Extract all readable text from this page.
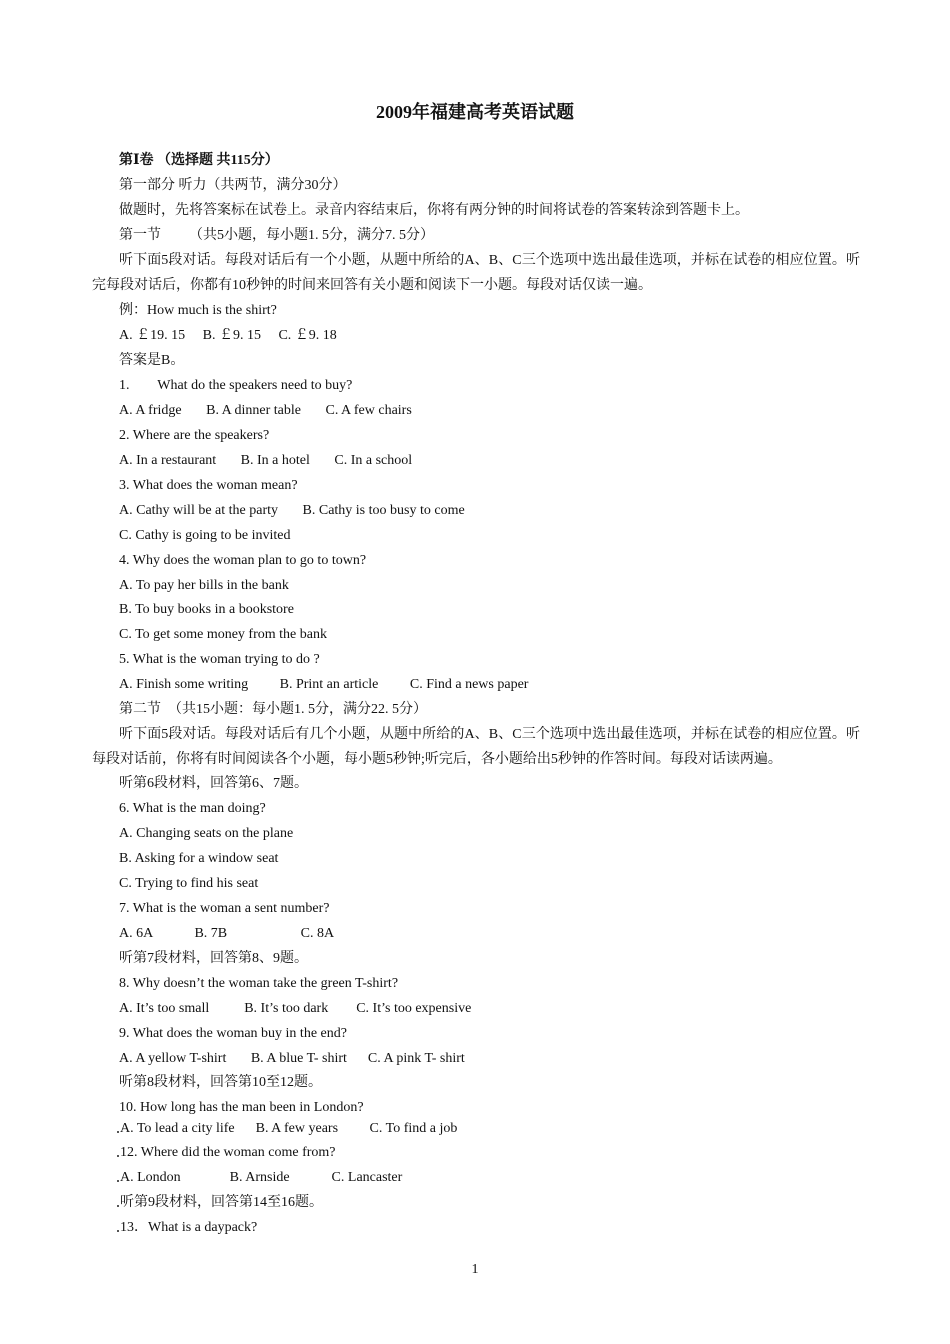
2009年福建高考英语试题
第Ⅰ卷 （选择题 共115分）
第一部分 听力（共两节，满分30分）
做题时，先将答案标在试卷上。录音内容结束后，你将有两分钟的时间将试卷的答案转涂到答题卡上。
第一节        （共5小题，每小题1. 5分，满分7. 5分）
听下面5段对话。每段对话后有一个小题，从题中所给的A、B、C三个选项中选出最佳选项，并标在试卷的相应位置。听完每段对话后，你都有10秒钟的时间来回答有关小题和阅读下一小题。每段对话仅读一遍。
例：How much is the shirt?
A. ￡19. 15     B. ￡9. 15     C. ￡9. 18
答案是B。
1.        What do the speakers need to buy?
A. A fridge       B. A dinner table       C. A few chairs
2. Where are the speakers?
A. In a restaurant       B. In a hotel       C. In a school
3. What does the woman mean?
A. Cathy will be at the party       B. Cathy is too busy to come
C. Cathy is going to be invited
4. Why does the woman plan to go to town?
A. To pay her bills in the bank
B. To buy books in a bookstore
C. To get some money from the bank
5. What is the woman trying to do ?
A. Finish some writing         B. Print an article         C. Find a news paper
第二节  （共15小题：每小题1. 5分，满分22. 5分）
听下面5段对话。每段对话后有几个小题，从题中所给的A、B、C三个选项中选出最佳选项，并标在试卷的相应位置。听每段对话前，你将有时间阅读各个小题，每小题5秒钟;听完后，各小题给出5秒钟的作答时间。每段对话读两遍。
听第6段材料，回答第6、7题。
6. What is the man doing?
A. Changing seats on the plane
B. Asking for a window seat
C. Trying to find his seat
7. What is the woman a sent number?
A. 6A            B. 7B                     C. 8A
听第7段材料，回答第8、9题。
8. Why doesn’t the woman take the green T-shirt?
A. It’s too small          B. It’s too dark        C. It’s too expensive
9. What does the woman buy in the end?
A. A yellow T-shirt       B. A blue T- shirt      C. A pink T- shirt
听第8段材料，回答第10至12题。
10. How long has the man been in London?
A. To lead a city life      B. A few years         C. To find a job
12. Where did the woman come from?
A. London              B. Arnside            C. Lancaster
听第9段材料，回答第14至16题。
13．What is a daypack?
1
